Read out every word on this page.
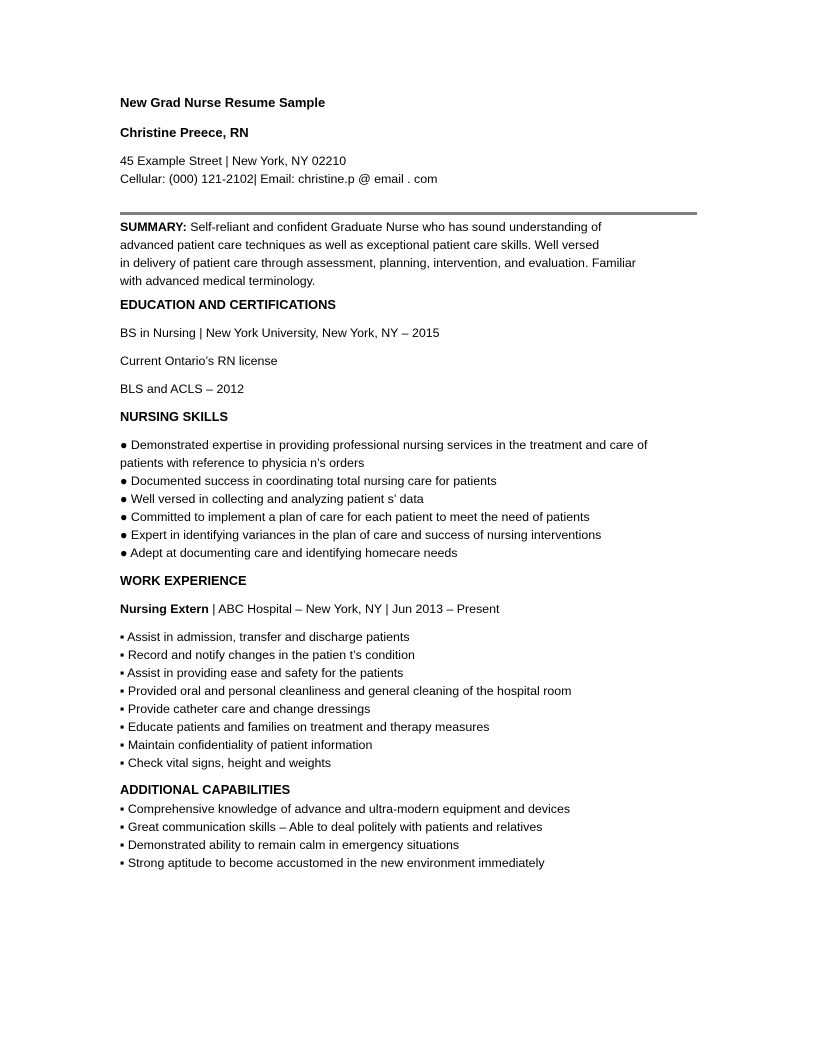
New Grad Nurse Resume Sample
Christine Preece, RN
45 Example Street | New York, NY 02210
Cellular: (000) 121-2102| Email: christine.p @ email . com
SUMMARY: Self-reliant and confident Graduate Nurse who has sound understanding of
advanced patient care techniques as well as exceptional patient care skills. Well versed
in delivery of patient care through assessment, planning, intervention, and evaluation. Familiar
with advanced medical terminology.
EDUCATION AND CERTIFICATIONS
BS in Nursing | New York University, New York, NY – 2015
Current Ontario’s RN license
BLS and ACLS – 2012
NURSING SKILLS
● Demonstrated expertise in providing professional nursing services in the treatment and care of
patients with reference to physicia n’s orders
● Documented success in coordinating total nursing care for patients
● Well versed in collecting and analyzing patient s’ data
● Committed to implement a plan of care for each patient to meet the need of patients
● Expert in identifying variances in the plan of care and success of nursing interventions
● Adept at documenting care and identifying homecare needs
WORK EXPERIENCE
Nursing Extern | ABC Hospital – New York, NY | Jun 2013 – Present
▪ Assist in admission, transfer and discharge patients
▪ Record and notify changes in the patien t’s condition
▪ Assist in providing ease and safety for the patients
▪ Provided oral and personal cleanliness and general cleaning of the hospital room
▪ Provide catheter care and change dressings
▪ Educate patients and families on treatment and therapy measures
▪ Maintain confidentiality of patient information
▪ Check vital signs, height and weights
ADDITIONAL CAPABILITIES
▪ Comprehensive knowledge of advance and ultra-modern equipment and devices
▪ Great communication skills – Able to deal politely with patients and relatives
▪ Demonstrated ability to remain calm in emergency situations
▪ Strong aptitude to become accustomed in the new environment immediately
